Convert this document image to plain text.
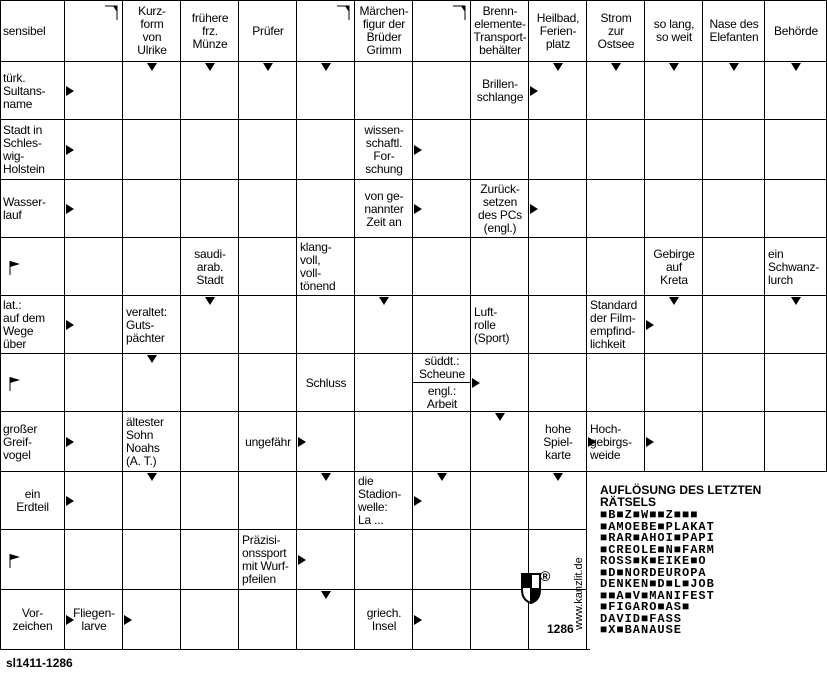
sensibel
Kurz-
form
von
Ulrike
frühere
frz.
Münze
Prüfer
Märchen-
figur der
Brüder
Grimm
Brenn-
elemente-
Transport-
behälter
Heilbad,
Ferien-
platz
Strom
zur
Ostsee
so lang,
so weit
Nase des
Elefanten	Behörde
türk.
Sultans-
name
Brillen-
schlange
Stadt in
Schles-
wig-
Holstein
wissen-
schaftl.
For-
schung
Wasser-
lauf
von ge-
nannter
Zeit an
Zurück-
setzen
des PCs
(engl.)
saudi-
arab.
Stadt
klang-
voll,
voll-
tönend
Gebirge
auf
Kreta
ein
Schwanz-
lurch
lat.:
auf dem
Wege
über
veraltet:
Guts-
pächter
Luft-
rolle
(Sport)
Standard
der Film-
empfind-
lichkeit
Schluss
großer
Greif-
vogel
ältester
Sohn
Noahs
(A. T.)
ungefähr
hohe
Spiel-
karte
Hoch-
gebirgs-
weide
ein
Erdteil
die
Stadion-
welle:
La ...
Präzisi-
onssport
mit Wurf-
pfeilen
Vor-
zeichen
Fliegen-
larve
griech.
Insel
süddt.:
Scheune
engl.:
Arbeit
AUFLÖSUNG DES LETZTEN RÄTSELS
■B■Z■W■■Z■■■
■AMOEBE■PLAKAT
■RAR■AHOI■PAPI
■CREOLE■N■FARM
ROSS■K■EIKE■O
■D■NORDEUROPA
DENKEN■D■L■JOB
■■A■V■MANIFEST
■FIGARO■AS■
DAVID■FASS
■X■BANAUSE
www.kanzlit.de
®
1286
sl1411-1286
